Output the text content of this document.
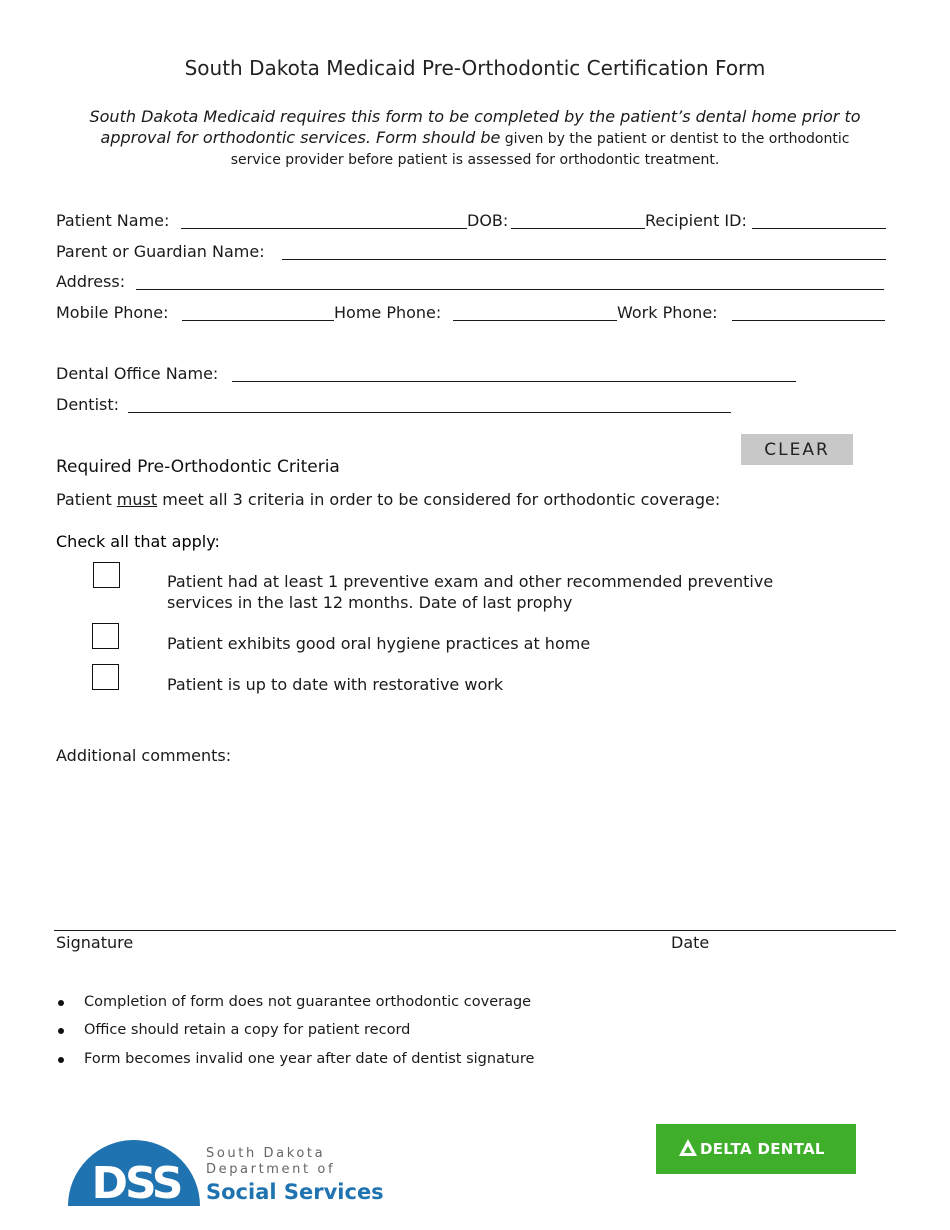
South Dakota Medicaid Pre-Orthodontic Certification Form
South Dakota Medicaid requires this form to be completed by the patient’s dental home prior to
approval for orthodontic services. Form should be given by the patient or dentist to the orthodontic
service provider before patient is assessed for orthodontic treatment.
Patient Name:	DOB:	Recipient ID:
Parent or Guardian Name:
Address:
Mobile Phone:	Home Phone:	Work Phone:
Dental Office Name:
Dentist:
CLEAR
Required Pre-Orthodontic Criteria
Patient must meet all 3 criteria in order to be considered for orthodontic coverage:
Check all that apply:
Patient had at least 1 preventive exam and other recommended preventive
services in the last 12 months. Date of last prophy
Patient exhibits good oral hygiene practices at home
Patient is up to date with restorative work
Additional comments:
Signature	Date
Completion of form does not guarantee orthodontic coverage
Office should retain a copy for patient record
Form becomes invalid one year after date of dentist signature
DSS
South Dakota
Department of
Social Services
DELTA DENTAL
